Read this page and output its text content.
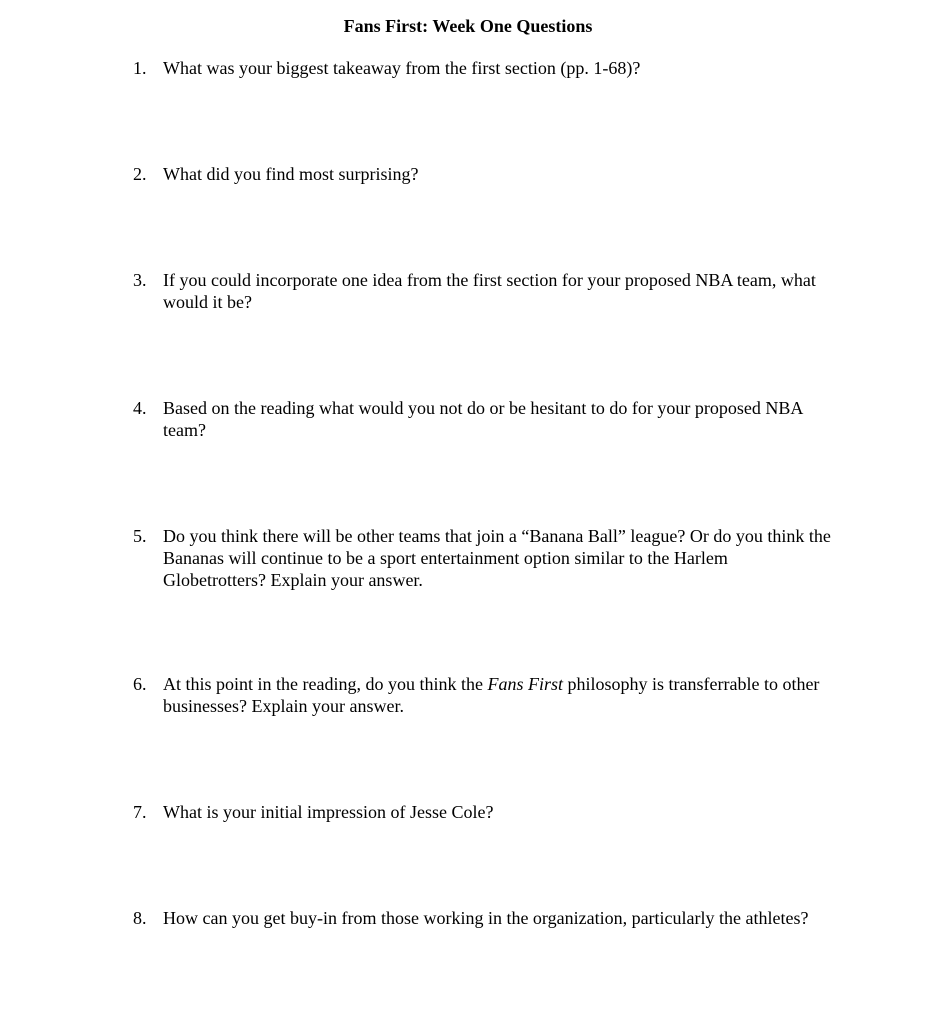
Fans First: Week One Questions
1. What was your biggest takeaway from the first section (pp. 1-68)?
2. What did you find most surprising?
3. If you could incorporate one idea from the first section for your proposed NBA team, what would it be?
4. Based on the reading what would you not do or be hesitant to do for your proposed NBA team?
5. Do you think there will be other teams that join a “Banana Ball” league? Or do you think the Bananas will continue to be a sport entertainment option similar to the Harlem Globetrotters? Explain your answer.
6. At this point in the reading, do you think the Fans First philosophy is transferrable to other businesses? Explain your answer.
7. What is your initial impression of Jesse Cole?
8. How can you get buy-in from those working in the organization, particularly the athletes?
